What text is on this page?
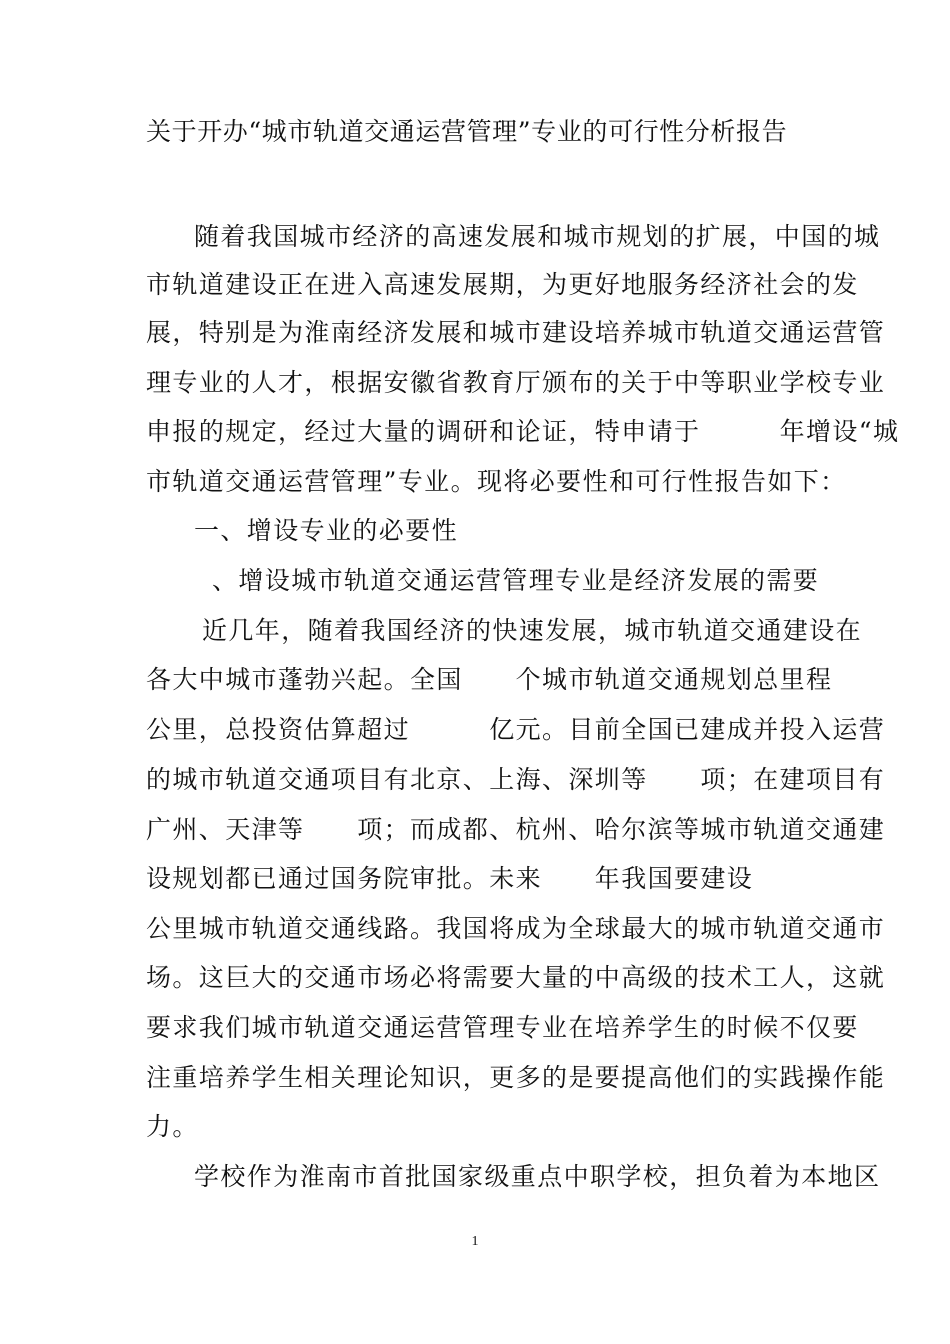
关于开办“城市轨道交通运营管理”专业的可行性分析报告
随着我国城市经济的高速发展和城市规划的扩展，中国的城
市轨道建设正在进入高速发展期，为更好地服务经济社会的发
展，特别是为淮南经济发展和城市建设培养城市轨道交通运营管
理专业的人才，根据安徽省教育厅颁布的关于中等职业学校专业
申报的规定，经过大量的调研和论证，特申请于　　　年增设“城
市轨道交通运营管理”专业。现将必要性和可行性报告如下：
一、增设专业的必要性
、增设城市轨道交通运营管理专业是经济发展的需要
近几年，随着我国经济的快速发展，城市轨道交通建设在
各大中城市蓬勃兴起。全国　　个城市轨道交通规划总里程
公里，总投资估算超过　　　亿元。目前全国已建成并投入运营
的城市轨道交通项目有北京、上海、深圳等　　项；在建项目有
广州、天津等　　项；而成都、杭州、哈尔滨等城市轨道交通建
设规划都已通过国务院审批。未来　　年我国要建设
公里城市轨道交通线路。我国将成为全球最大的城市轨道交通市
场。这巨大的交通市场必将需要大量的中高级的技术工人，这就
要求我们城市轨道交通运营管理专业在培养学生的时候不仅要
注重培养学生相关理论知识，更多的是要提高他们的实践操作能
力。
学校作为淮南市首批国家级重点中职学校，担负着为本地区
1
